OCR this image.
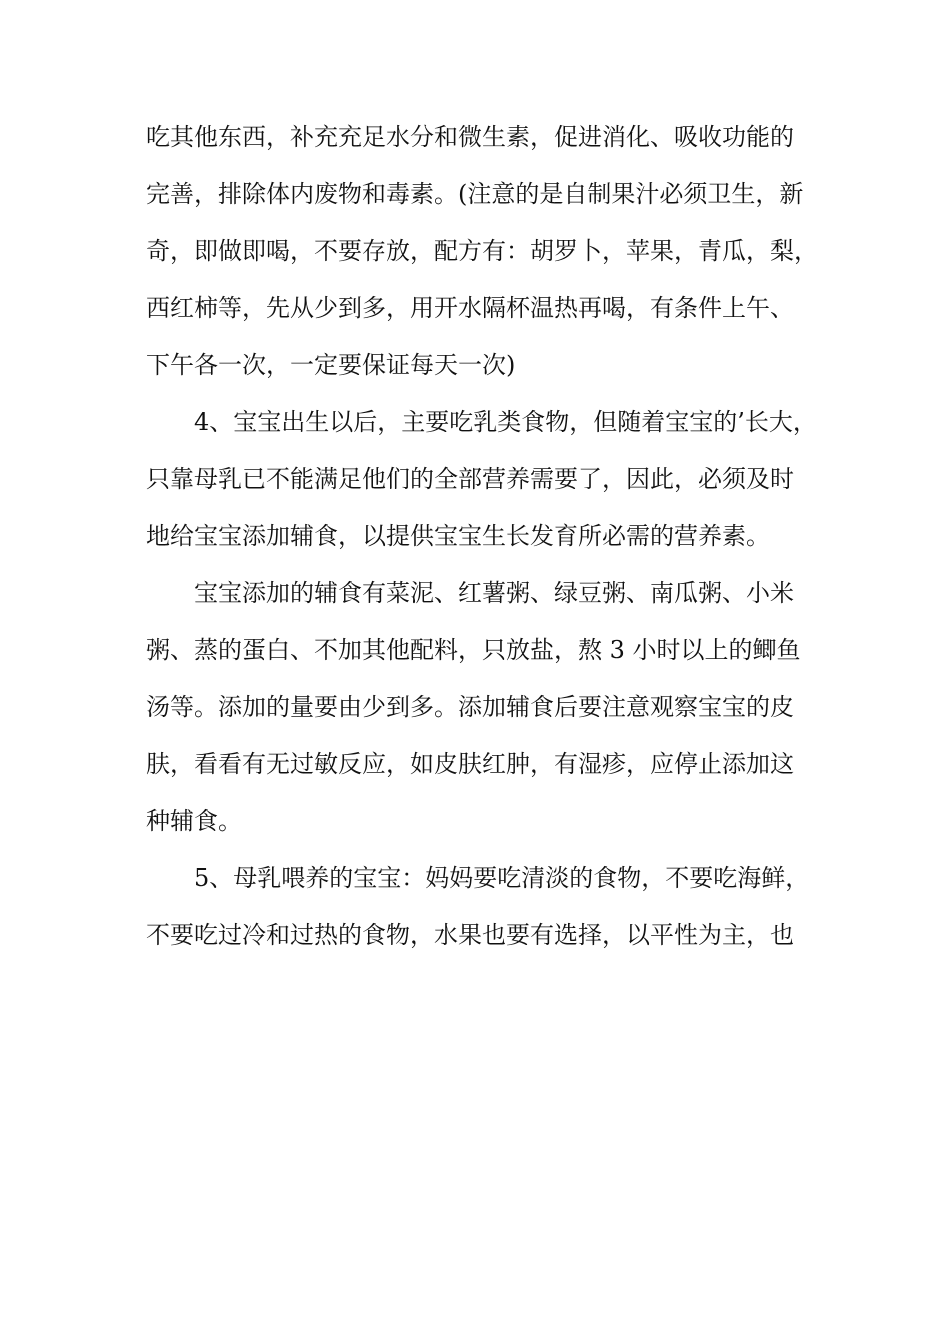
吃其他东西，补充充足水分和微生素，促进消化、吸收功能的
完善，排除体内废物和毒素。(注意的是自制果汁必须卫生，新
奇，即做即喝，不要存放，配方有：胡罗卜，苹果，青瓜，梨，
西红柿等，先从少到多，用开水隔杯温热再喝，有条件上午、
下午各一次，一定要保证每天一次)
4、宝宝出生以后，主要吃乳类食物，但随着宝宝的’长大，
只靠母乳已不能满足他们的全部营养需要了，因此，必须及时
地给宝宝添加辅食，以提供宝宝生长发育所必需的营养素。
宝宝添加的辅食有菜泥、红薯粥、绿豆粥、南瓜粥、小米
粥、蒸的蛋白、不加其他配料，只放盐，熬 3 小时以上的鲫鱼
汤等。添加的量要由少到多。添加辅食后要注意观察宝宝的皮
肤，看看有无过敏反应，如皮肤红肿，有湿疹，应停止添加这
种辅食。
5、母乳喂养的宝宝：妈妈要吃清淡的食物，不要吃海鲜，
不要吃过冷和过热的食物，水果也要有选择，以平性为主，也
